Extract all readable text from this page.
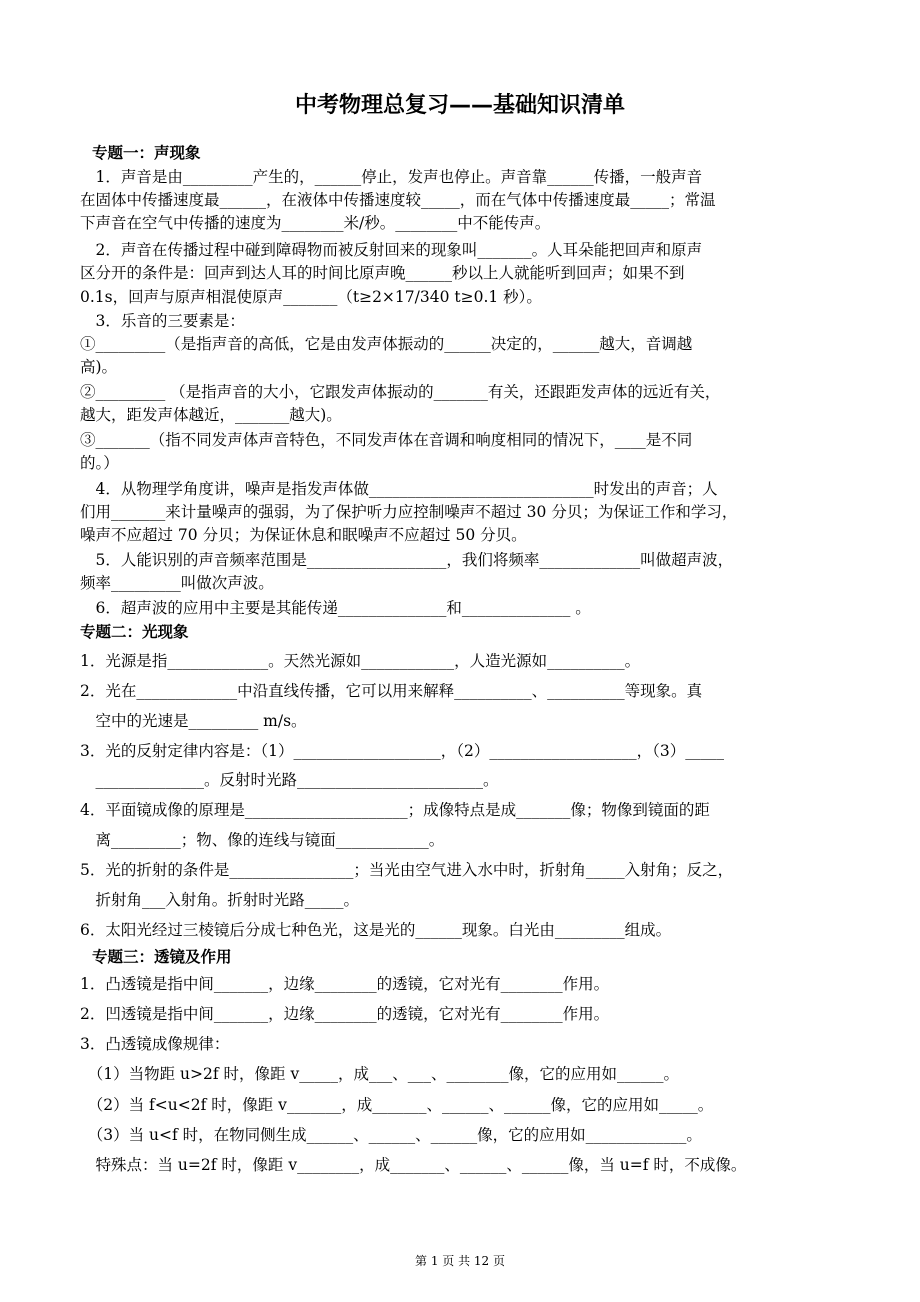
中考物理总复习——基础知识清单
专题一：声现象
　1．声音是由_________产生的，______停止，发声也停止。声音靠______传播，一般声音
在固体中传播速度最______，在液体中传播速度较_____，而在气体中传播速度最_____；常温
下声音在空气中传播的速度为________米/秒。________中不能传声。
　2．声音在传播过程中碰到障碍物而被反射回来的现象叫_______。人耳朵能把回声和原声
区分开的条件是：回声到达人耳的时间比原声晚______秒以上人就能听到回声；如果不到
0.1s，回声与原声相混使原声_______（t≥2×17/340 t≥0.1 秒）。
　3．乐音的三要素是：
①_________（是指声音的高低，它是由发声体振动的______决定的，______越大，音调越
高)。
②_________ （是指声音的大小，它跟发声体振动的_______有关，还跟距发声体的远近有关，
越大，距发声体越近，_______越大)。
③_______（指不同发声体声音特色，不同发声体在音调和响度相同的情况下，____是不同
的。）
　4．从物理学角度讲，噪声是指发声体做_____________________________时发出的声音；人
们用_______来计量噪声的强弱，为了保护听力应控制噪声不超过 30 分贝；为保证工作和学习，
噪声不应超过 70 分贝；为保证休息和眠噪声不应超过 50 分贝。
　5．人能识别的声音频率范围是__________________，我们将频率_____________叫做超声波，
频率_________叫做次声波。
　6．超声波的应用中主要是其能传递______________和______________ 。
专题二：光现象
1．光源是指_____________。天然光源如____________，人造光源如__________。
2．光在_____________中沿直线传播，它可以用来解释__________、__________等现象。真
　空中的光速是_________ m/s。
3．光的反射定律内容是：（1）___________________，（2）___________________，（3）_____
　______________。反射时光路________________________。
4．平面镜成像的原理是_____________________；成像特点是成_______像；物像到镜面的距
　离_________；物、像的连线与镜面____________。
5．光的折射的条件是________________；当光由空气进入水中时，折射角_____入射角；反之，
　折射角___入射角。折射时光路_____。
6．太阳光经过三棱镜后分成七种色光，这是光的______现象。白光由_________组成。
专题三：透镜及作用
1．凸透镜是指中间_______，边缘________的透镜，它对光有________作用。
2．凹透镜是指中间_______，边缘________的透镜，它对光有________作用。
3．凸透镜成像规律：
　（1）当物距 u>2f 时，像距 v_____，成___、___、________像，它的应用如______。
　（2）当 f<u<2f 时，像距 v_______，成_______、______、______像，它的应用如_____。
　（3）当 u<f 时，在物同侧生成______、______、______像，它的应用如_____________。
　特殊点：当 u=2f 时，像距 v________，成_______、______、______像，当 u=f 时，不成像。
第 1 页 共 12 页
